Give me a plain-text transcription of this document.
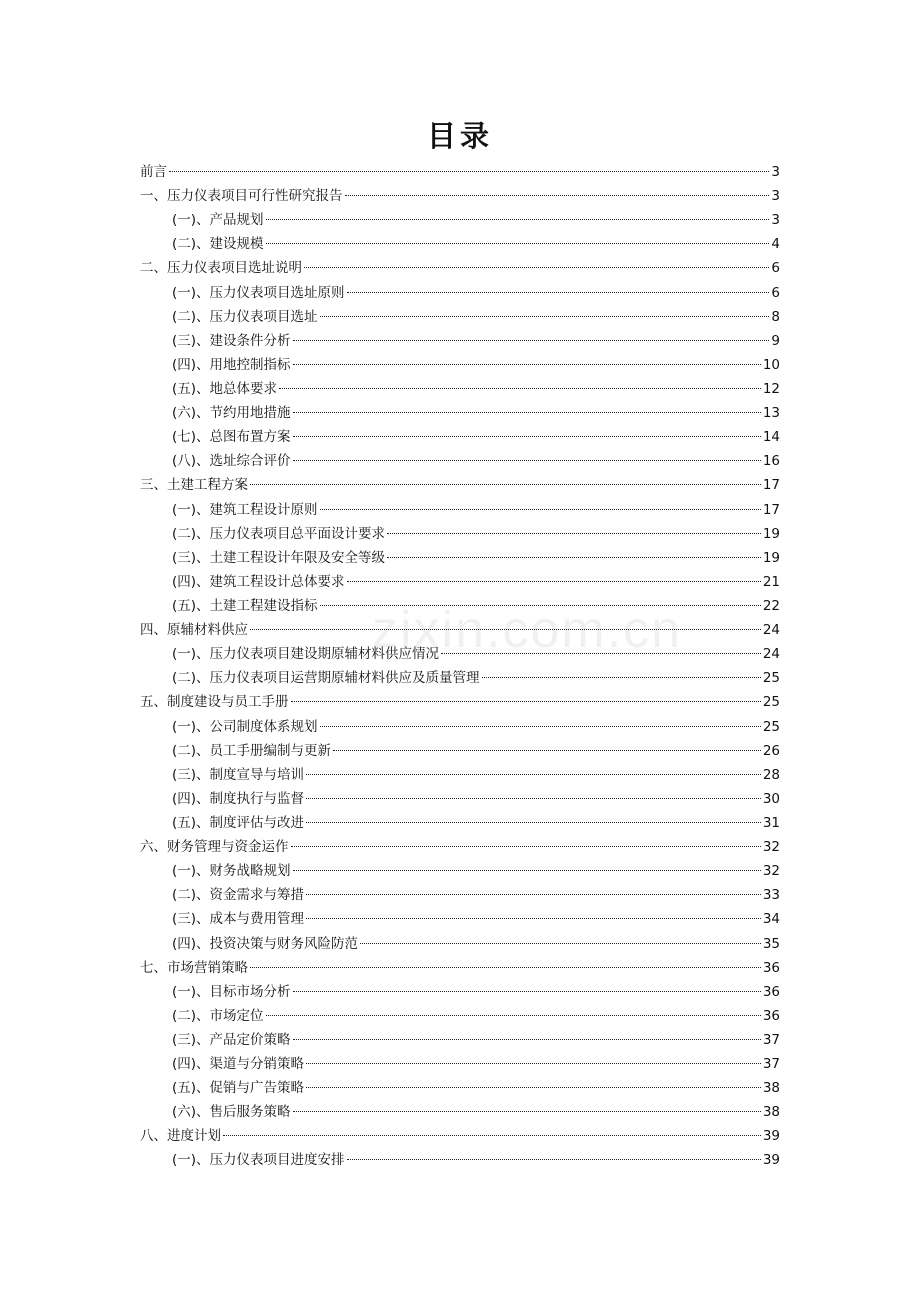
目录
zixin.com.cn
前言	3
一、压力仪表项目可行性研究报告	3
(一)、产品规划	3
(二)、建设规模	4
二、压力仪表项目选址说明	6
(一)、压力仪表项目选址原则	6
(二)、压力仪表项目选址	8
(三)、建设条件分析	9
(四)、用地控制指标	10
(五)、地总体要求	12
(六)、节约用地措施	13
(七)、总图布置方案	14
(八)、选址综合评价	16
三、土建工程方案	17
(一)、建筑工程设计原则	17
(二)、压力仪表项目总平面设计要求	19
(三)、土建工程设计年限及安全等级	19
(四)、建筑工程设计总体要求	21
(五)、土建工程建设指标	22
四、原辅材料供应	24
(一)、压力仪表项目建设期原辅材料供应情况	24
(二)、压力仪表项目运营期原辅材料供应及质量管理	25
五、制度建设与员工手册	25
(一)、公司制度体系规划	25
(二)、员工手册编制与更新	26
(三)、制度宣导与培训	28
(四)、制度执行与监督	30
(五)、制度评估与改进	31
六、财务管理与资金运作	32
(一)、财务战略规划	32
(二)、资金需求与筹措	33
(三)、成本与费用管理	34
(四)、投资决策与财务风险防范	35
七、市场营销策略	36
(一)、目标市场分析	36
(二)、市场定位	36
(三)、产品定价策略	37
(四)、渠道与分销策略	37
(五)、促销与广告策略	38
(六)、售后服务策略	38
八、进度计划	39
(一)、压力仪表项目进度安排	39
